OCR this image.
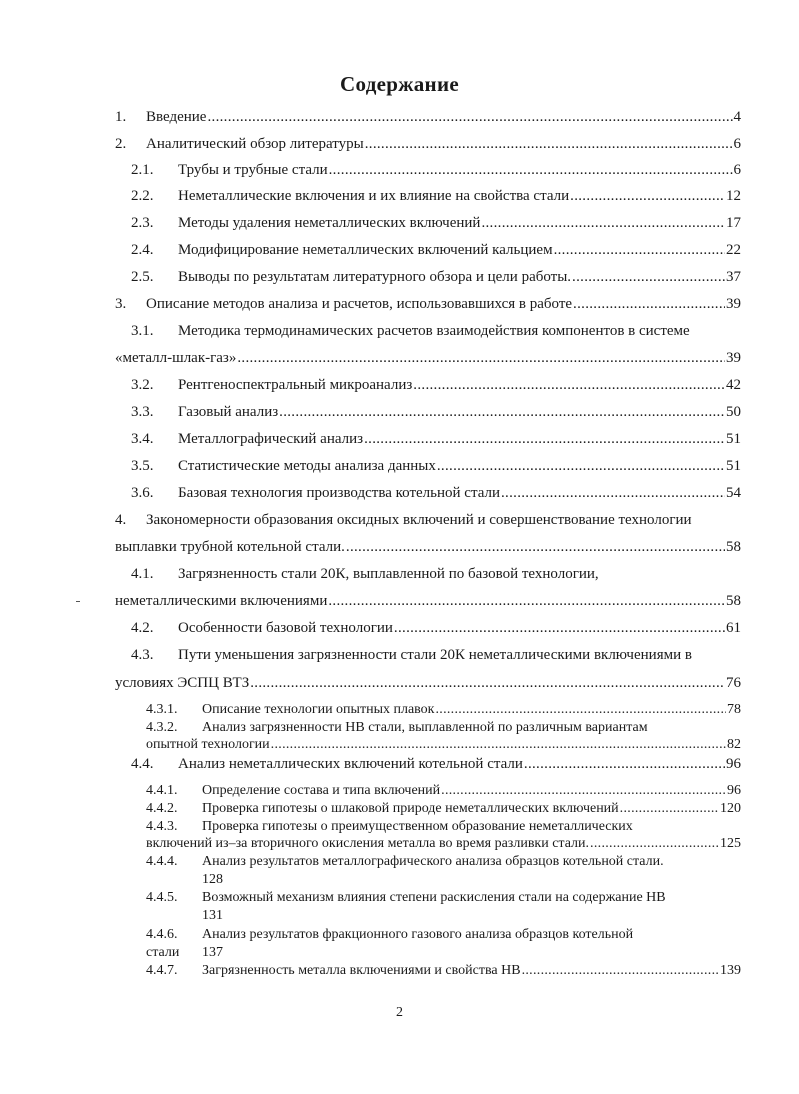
Содержание
1.	Введение .....	4
2.	Аналитический обзор литературы .....	6
2.1.	Трубы и трубные стали .....	6
2.2.	Неметаллические включения и их влияние на свойства стали .....	12
2.3.	Методы удаления неметаллических включений .....	17
2.4.	Модифицирование неметаллических включений кальцием .....	22
2.5.	Выводы по результатам литературного обзора и цели работы. .....	37
3.	Описание методов анализа и расчетов, использовавшихся в работе .....	39
3.1. Методика термодинамических расчетов взаимодействия компонентов в системе
«металл-шлак-газ» .....	39
3.2.	Рентгеноспектральный микроанализ .....	42
3.3.	Газовый анализ .....	50
3.4.	Металлографический анализ .....	51
3.5.	Статистические методы анализа данных .....	51
3.6.	Базовая технология производства котельной стали .....	54
4. Закономерности образования оксидных включений и совершенствование технологии
выплавки трубной котельной стали. .....	58
4.1. Загрязненность стали 20К, выплавленной по базовой технологии,
неметаллическими включениями .....	58
4.2.	Особенности базовой технологии .....	61
4.3. Пути уменьшения загрязненности стали 20К неметаллическими включениями в
условиях ЭСПЦ ВТЗ .....	76
4.3.1.	Описание технологии опытных плавок .....	78
4.3.2. Анализ загрязненности НВ стали, выплавленной по различным вариантам
опытной технологии .....	82
4.4.	Анализ неметаллических включений котельной стали .....	96
4.4.1.	Определение состава и типа включений .....	96
4.4.2.	Проверка гипотезы о шлаковой природе неметаллических включений .....	120
4.4.3. Проверка гипотезы о преимущественном образование неметаллических
включений из–за вторичного окисления металла во время разливки стали. .....	125
4.4.4. Анализ результатов металлографического анализа образцов котельной стали.
128
4.4.5. Возможный механизм влияния степени раскисления стали на содержание НВ
131
4.4.6. Анализ результатов фракционного газового анализа образцов котельной
стали 137
4.4.7.	Загрязненность металла включениями и свойства НВ .....	139
2
